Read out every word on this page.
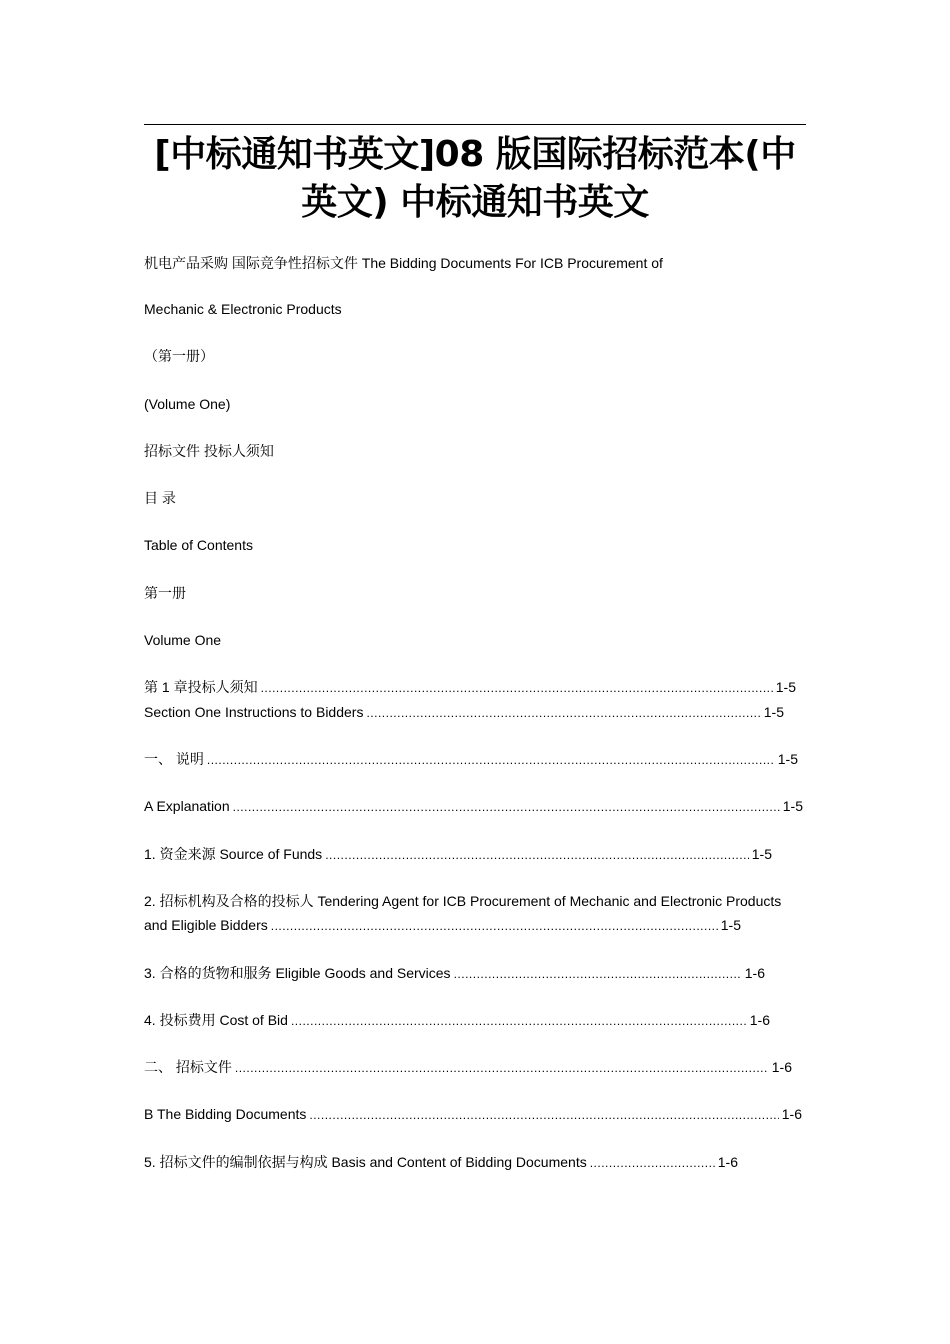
[中标通知书英文]08 版国际招标范本(中英文) 中标通知书英文
机电产品采购 国际竞争性招标文件 The Bidding Documents For ICB Procurement of
Mechanic & Electronic Products
（第一册）
(Volume One)
招标文件 投标人须知
目 录
Table of Contents
第一册
Volume One
第 1 章投标人须知 .....	1-5
Section One Instructions to Bidders .....	1-5
一、 说明 .....	1-5
A Explanation .....	1-5
1. 资金来源 Source of Funds .....	1-5
2. 招标机构及合格的投标人 Tendering Agent for ICB Procurement of Mechanic and Electronic Products
and Eligible Bidders .....	1-5
3. 合格的货物和服务 Eligible Goods and Services .....	1-6
4. 投标费用 Cost of Bid .....	1-6
二、 招标文件 .....	1-6
B The Bidding Documents .....	1-6
5. 招标文件的编制依据与构成 Basis and Content of Bidding Documents .....	1-6
